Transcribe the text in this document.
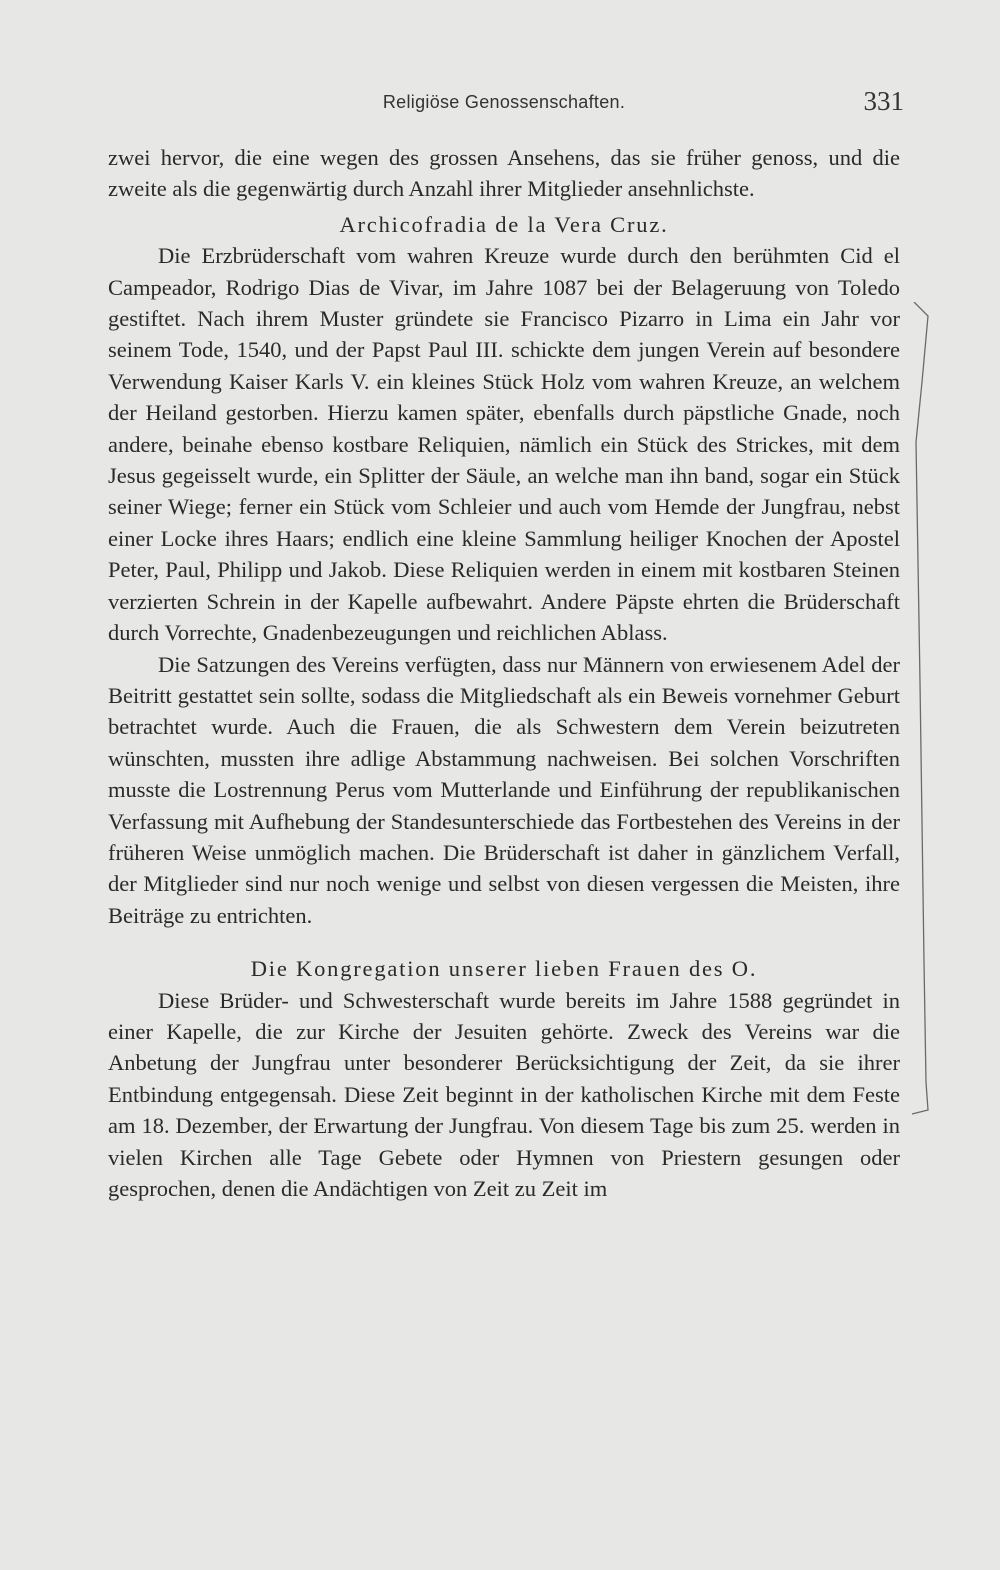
Religiöse Genossenschaften.	331

zwei hervor, die eine wegen des grossen Ansehens, das sie früher genoss, und die zweite als die gegenwärtig durch Anzahl ihrer Mitglieder ansehnlichste.

Archicofradia de la Vera Cruz.

Die Erzbrüderschaft vom wahren Kreuze wurde durch den berühmten Cid el Campeador, Rodrigo Dias de Vivar, im Jahre 1087 bei der Belageruung von Toledo gestiftet. Nach ihrem Muster gründete sie Francisco Pizarro in Lima ein Jahr vor seinem Tode, 1540, und der Papst Paul III. schickte dem jungen Verein auf besondere Verwendung Kaiser Karls V. ein kleines Stück Holz vom wahren Kreuze, an welchem der Heiland gestorben. Hierzu kamen später, ebenfalls durch päpstliche Gnade, noch andere, beinahe ebenso kostbare Reliquien, nämlich ein Stück des Strickes, mit dem Jesus gegeisselt wurde, ein Splitter der Säule, an welche man ihn band, sogar ein Stück seiner Wiege; ferner ein Stück vom Schleier und auch vom Hemde der Jungfrau, nebst einer Locke ihres Haars; endlich eine kleine Sammlung heiliger Knochen der Apostel Peter, Paul, Philipp und Jakob. Diese Reliquien werden in einem mit kostbaren Steinen verzierten Schrein in der Kapelle aufbewahrt. Andere Päpste ehrten die Brüderschaft durch Vorrechte, Gnadenbezeugungen und reichlichen Ablass.

Die Satzungen des Vereins verfügten, dass nur Männern von erwiesenem Adel der Beitritt gestattet sein sollte, sodass die Mitgliedschaft als ein Beweis vornehmer Geburt betrachtet wurde. Auch die Frauen, die als Schwestern dem Verein beizutreten wünschten, mussten ihre adlige Abstammung nachweisen. Bei solchen Vorschriften musste die Lostrennung Perus vom Mutterlande und Einführung der republikanischen Verfassung mit Aufhebung der Standesunterschiede das Fortbestehen des Vereins in der früheren Weise unmöglich machen. Die Brüderschaft ist daher in gänzlichem Verfall, der Mitglieder sind nur noch wenige und selbst von diesen vergessen die Meisten, ihre Beiträge zu entrichten.

Die Kongregation unserer lieben Frauen des O.

Diese Brüder- und Schwesterschaft wurde bereits im Jahre 1588 gegründet in einer Kapelle, die zur Kirche der Jesuiten gehörte. Zweck des Vereins war die Anbetung der Jungfrau unter besonderer Berücksichtigung der Zeit, da sie ihrer Entbindung entgegensah. Diese Zeit beginnt in der katholischen Kirche mit dem Feste am 18. Dezember, der Erwartung der Jungfrau. Von diesem Tage bis zum 25. werden in vielen Kirchen alle Tage Gebete oder Hymnen von Priestern gesungen oder gesprochen, denen die Andächtigen von Zeit zu Zeit im
